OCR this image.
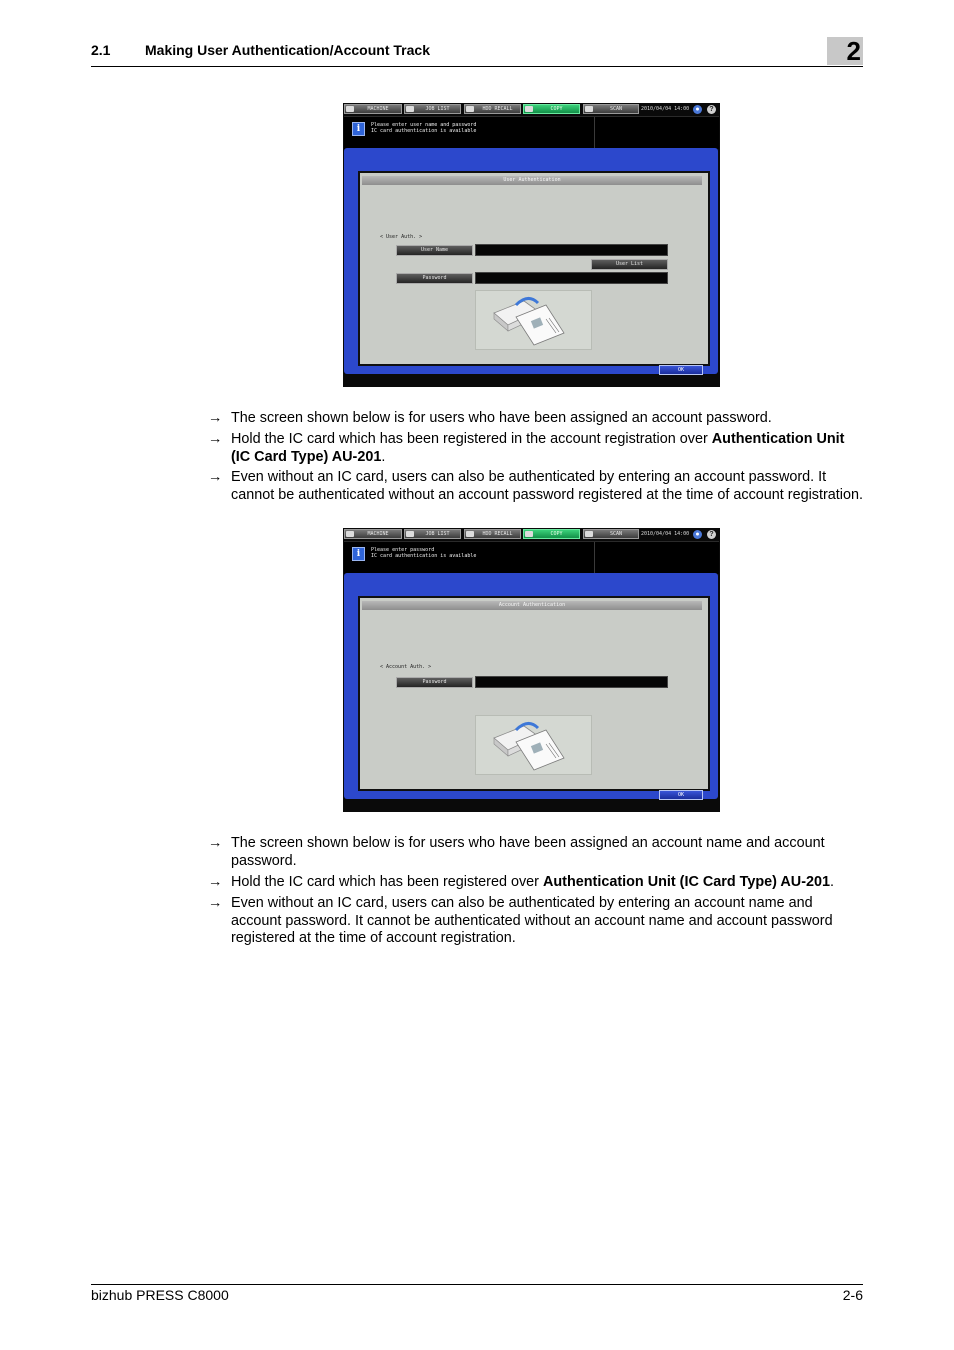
2.1 Making User Authentication/Account Track	2
MACHINE	JOB LIST	HDD RECALL	COPY	SCAN	2010/04/04 14:00 ●	?
i	Please enter user name and password
IC card authentication is available
User Authentication
< User Auth. >
User Name
User List
Password
OK
→ The screen shown below is for users who have been assigned an account password.
→ Hold the IC card which has been registered in the account registration over Authentication Unit (IC Card Type) AU-201.
→ Even without an IC card, users can also be authenticated by entering an account password. It cannot be authenticated without an account password registered at the time of account registration.
MACHINE	JOB LIST	HDD RECALL	COPY	SCAN	2010/04/04 14:00 ●	?
i	Please enter password
IC card authentication is available
Account Authentication
< Account Auth. >
Password
OK
→ The screen shown below is for users who have been assigned an account name and account password.
→ Hold the IC card which has been registered over Authentication Unit (IC Card Type) AU-201.
→ Even without an IC card, users can also be authenticated by entering an account name and account password. It cannot be authenticated without an account name and account password registered at the time of account registration.
bizhub PRESS C8000	2-6
